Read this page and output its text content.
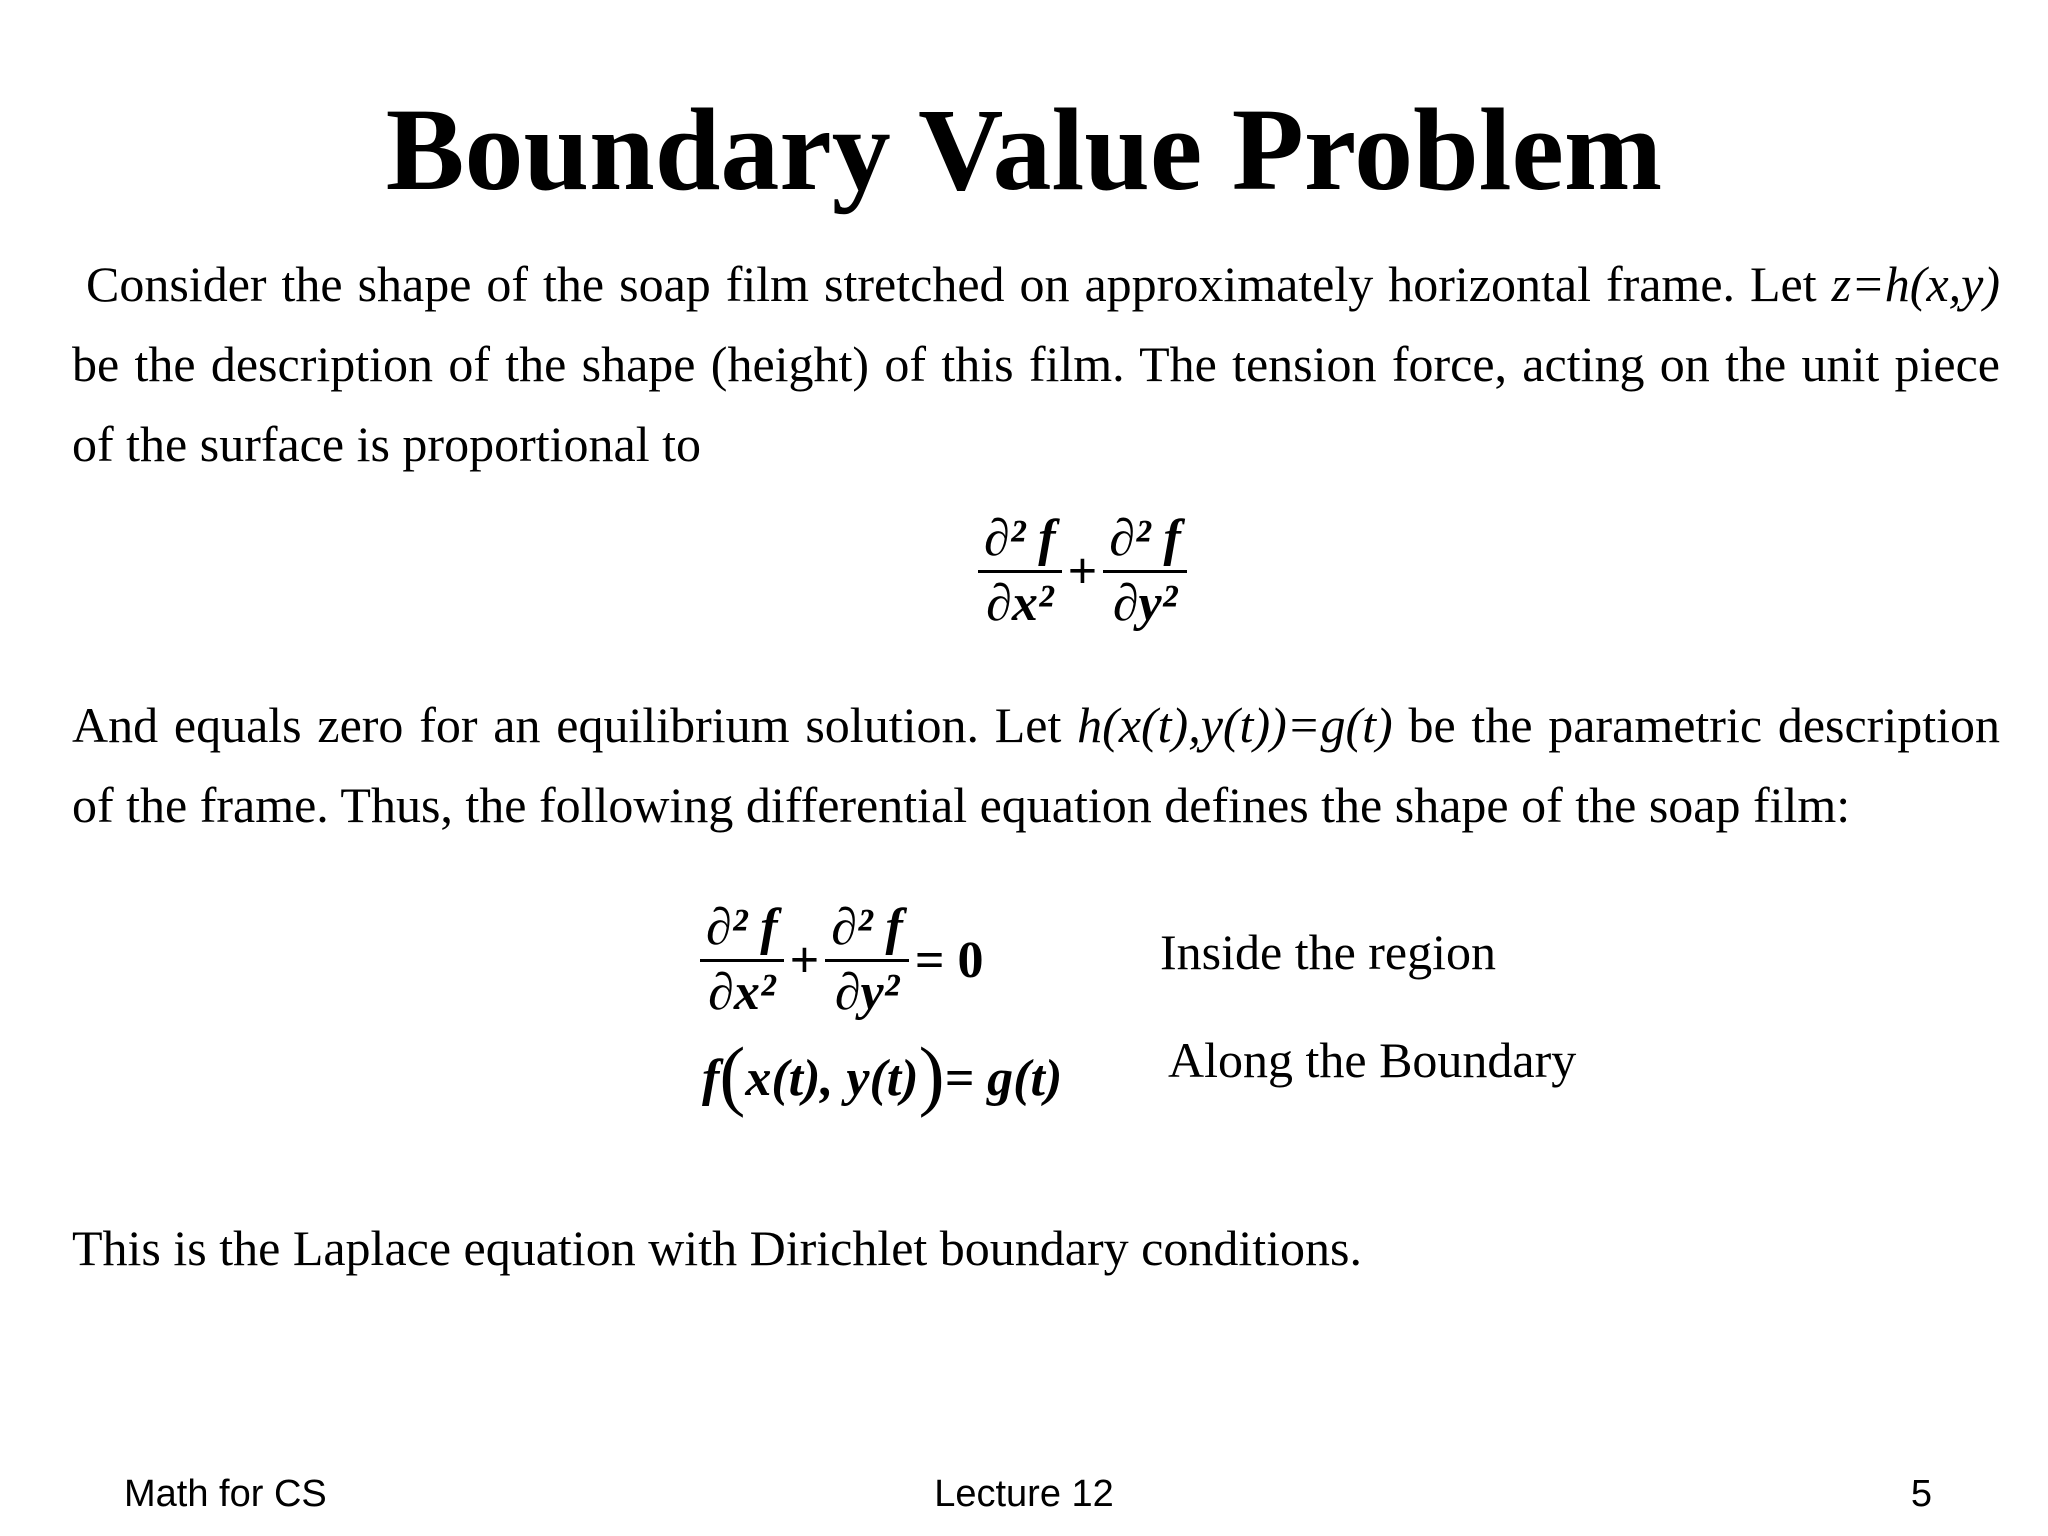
Boundary Value Problem

Consider the shape of the soap film stretched on approximately horizontal frame. Let z=h(x,y) be the description of the shape (height) of this film. The tension force, acting on the unit piece of the surface is proportional to

$\frac{\text{∂² f}}{\text{∂x²}} + \frac{\text{∂² f}}{\text{∂y²}}$

And equals zero for an equilibrium solution. Let h(x(t),y(t))=g(t) be the parametric description of the frame. Thus, the following differential equation defines the shape of the soap film:

$\frac{\text{∂² f}}{\text{∂x²}} + \frac{\text{∂² f}}{\text{∂y²}} = 0$	Inside the region
f(x(t), y(t))= g(t) Along the Boundary

This is the Laplace equation with Dirichlet boundary conditions.

Math for CS	Lecture 12	5
